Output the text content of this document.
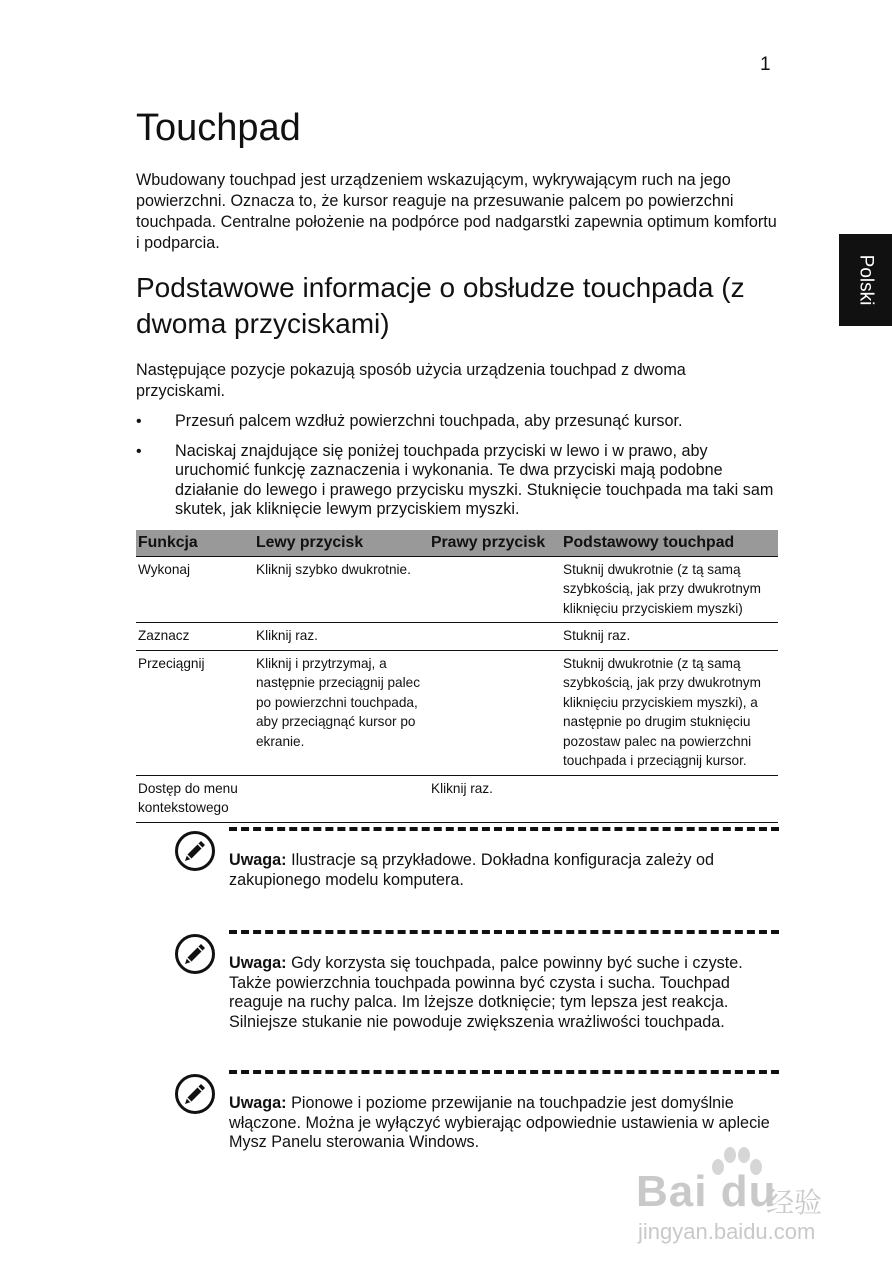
1
Polski
Touchpad

Wbudowany touchpad jest urządzeniem wskazującym, wykrywającym ruch na jego powierzchni. Oznacza to, że kursor reaguje na przesuwanie palcem po powierzchni touchpada. Centralne położenie na podpórce pod nadgarstki zapewnia optimum komfortu i podparcia.

Podstawowe informacje o obsłudze touchpada (z dwoma przyciskami)

Następujące pozycje pokazują sposób użycia urządzenia touchpad z dwoma przyciskami.

• Przesuń palcem wzdłuż powierzchni touchpada, aby przesunąć kursor.
• Naciskaj znajdujące się poniżej touchpada przyciski w lewo i w prawo, aby uruchomić funkcję zaznaczenia i wykonania. Te dwa przyciski mają podobne działanie do lewego i prawego przycisku myszki. Stuknięcie touchpada ma taki sam skutek, jak kliknięcie lewym przyciskiem myszki.
Funkcja	Lewy przycisk	Prawy przycisk	Podstawowy touchpad
Wykonaj	Kliknij szybko dwukrotnie.		Stuknij dwukrotnie (z tą samą szybkością, jak przy dwukrotnym kliknięciu przyciskiem myszki)
Zaznacz	Kliknij raz.		Stuknij raz.
Przeciągnij	Kliknij i przytrzymaj, a następnie przeciągnij palec po powierzchni touchpada, aby przeciągnąć kursor po ekranie.		Stuknij dwukrotnie (z tą samą szybkością, jak przy dwukrotnym kliknięciu przyciskiem myszki), a następnie po drugim stuknięciu pozostaw palec na powierzchni touchpada i przeciągnij kursor.
Dostęp do menu kontekstowego		Kliknij raz.	
Uwaga: Ilustracje są przykładowe. Dokładna konfiguracja zależy od zakupionego modelu komputera.
Uwaga: Gdy korzysta się touchpada, palce powinny być suche i czyste. Także powierzchnia touchpada powinna być czysta i sucha. Touchpad reaguje na ruchy palca. Im lżejsze dotknięcie; tym lepsza jest reakcja. Silniejsze stukanie nie powoduje zwiększenia wrażliwości touchpada.
Uwaga: Pionowe i poziome przewijanie na touchpadzie jest domyślnie włączone. Można je wyłączyć wybierając odpowiednie ustawienia w aplecie Mysz Panelu sterowania Windows.
Bai du
经验
jingyan.baidu.com
